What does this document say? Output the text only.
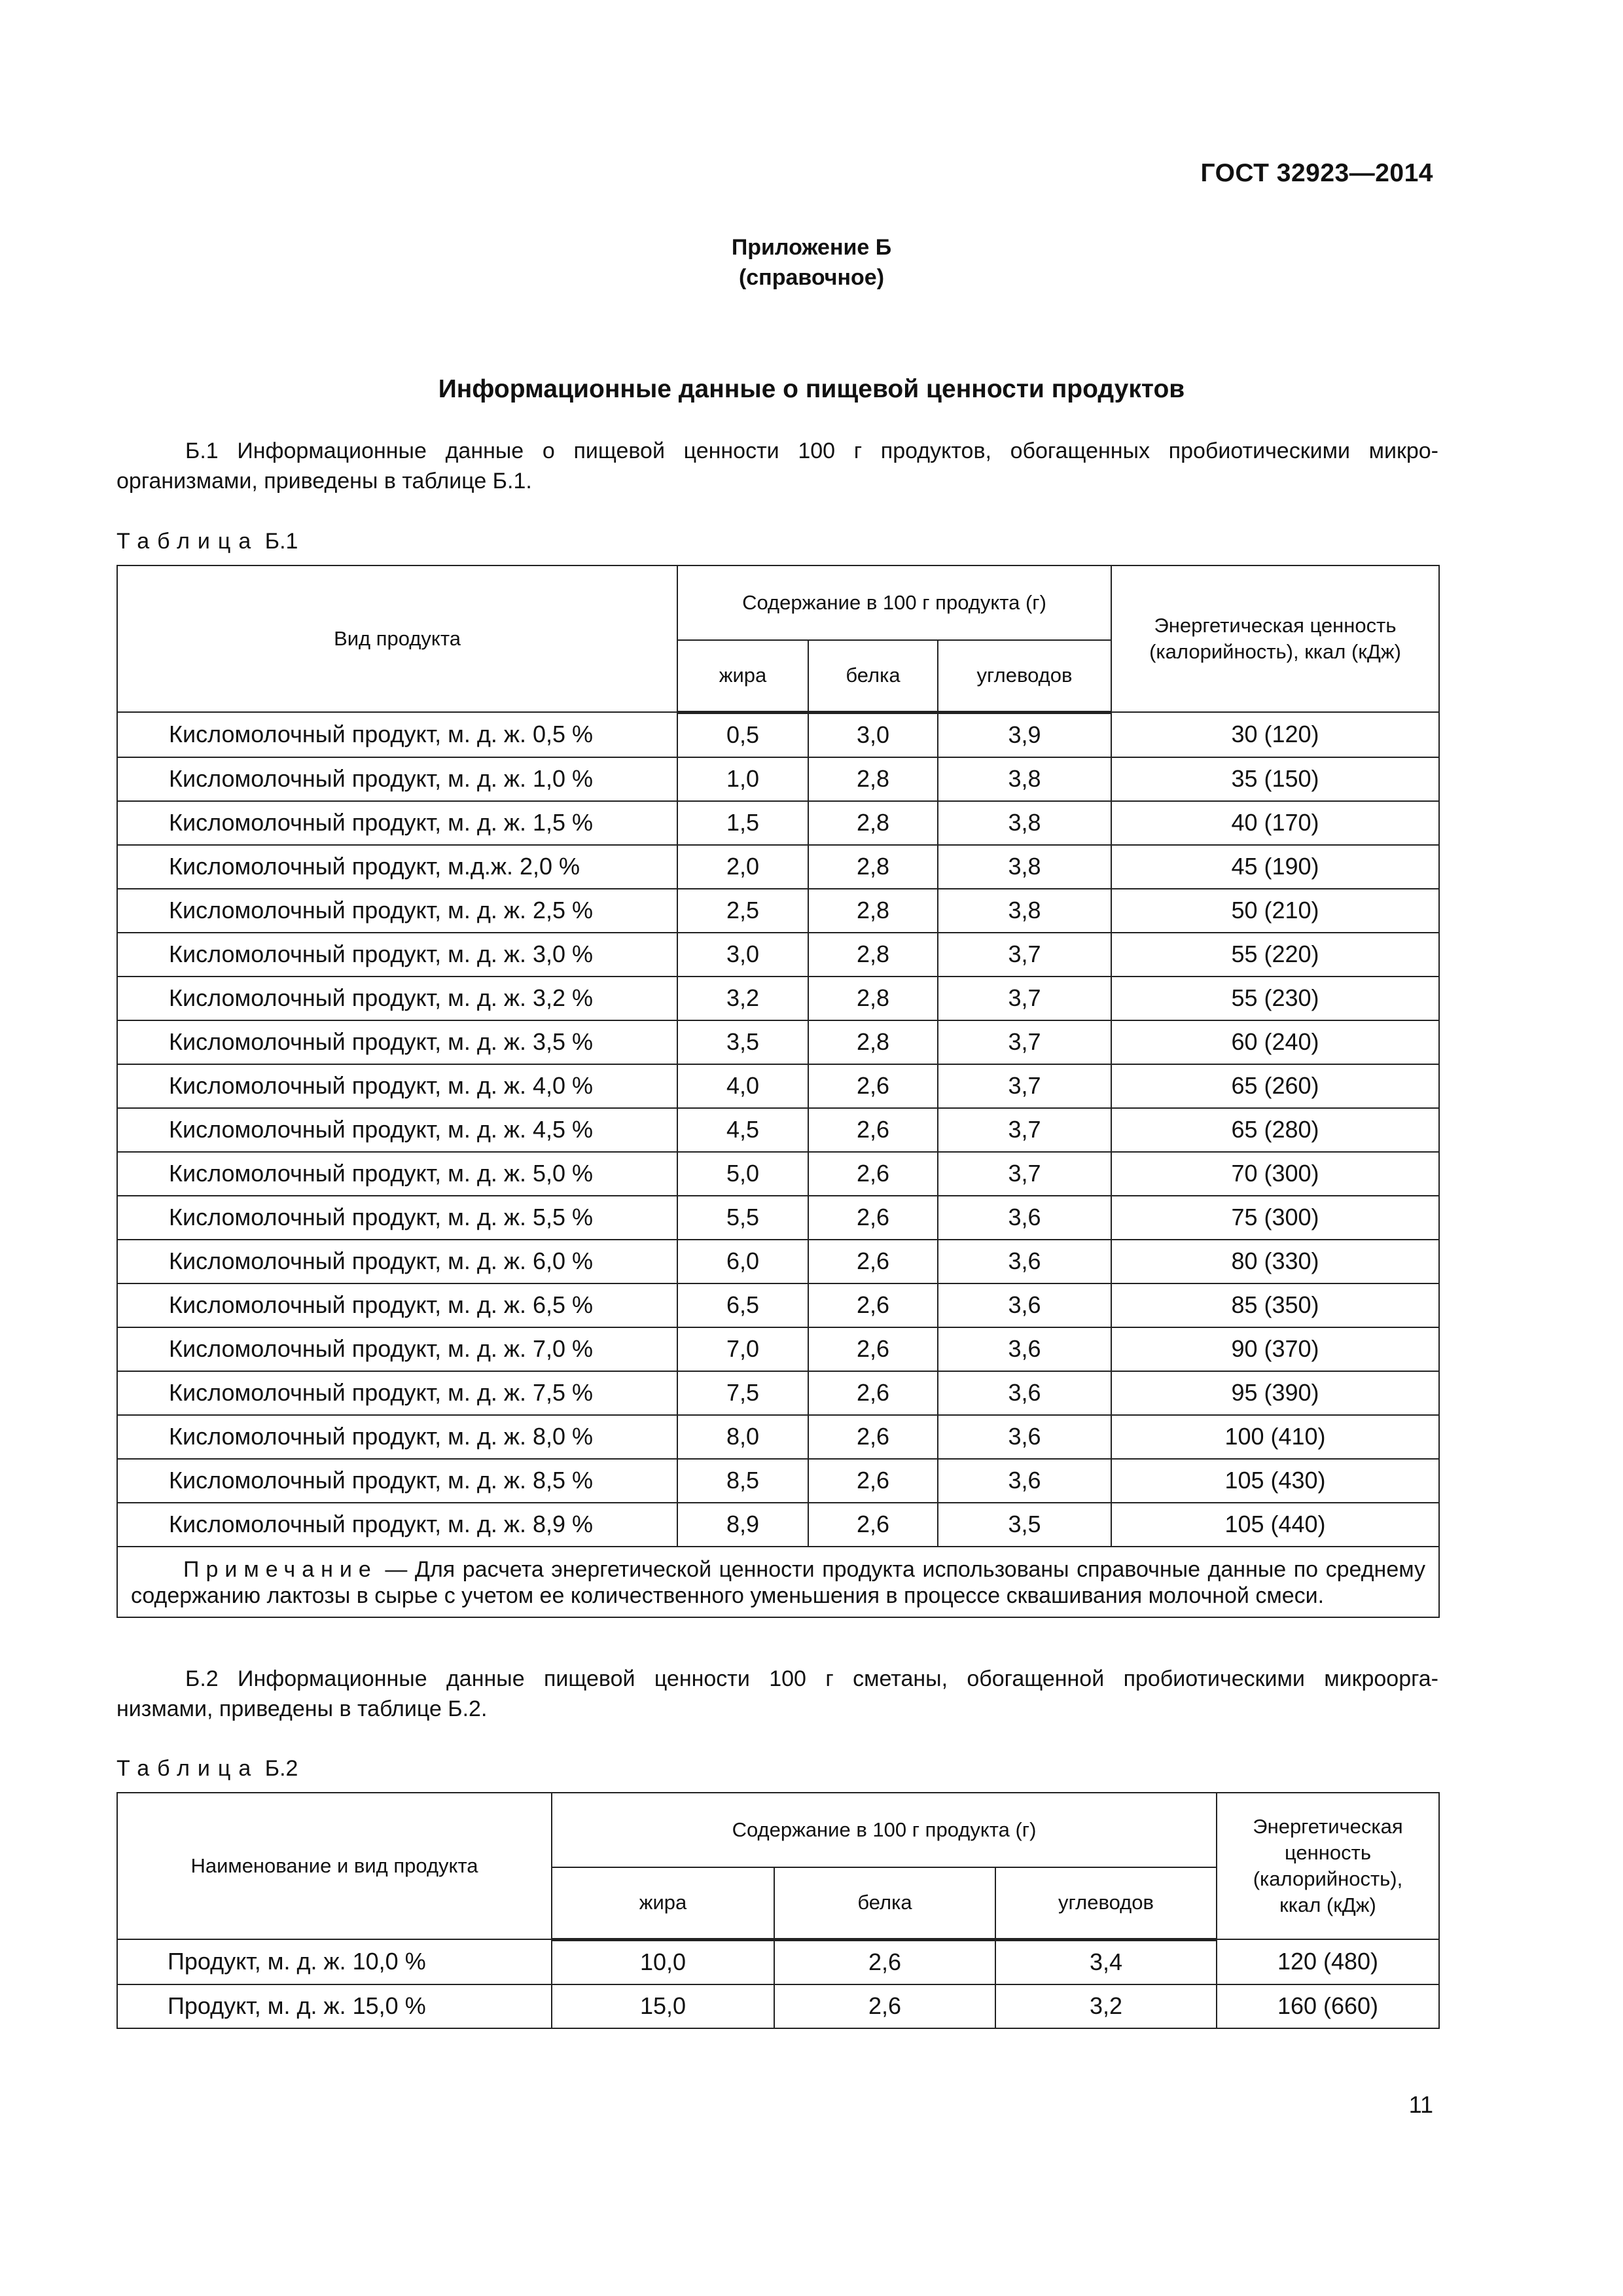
ГОСТ 32923—2014
Приложение Б
(справочное)
Информационные данные о пищевой ценности продуктов
Б.1 Информационные данные о пищевой ценности 100 г продуктов, обогащенных пробиотическими микро-
организмами, приведены в таблице Б.1.
Таблица Б.1
Вид продукта	Содержание в 100 г продукта (г)			Энергетическая ценность (калорийность), ккал (кДж)
	жира	белка	углеводов	
Кисломолочный продукт, м. д. ж. 0,5 %	0,5	3,0	3,9	30 (120)
Кисломолочный продукт, м. д. ж. 1,0 %	1,0	2,8	3,8	35 (150)
Кисломолочный продукт, м. д. ж. 1,5 %	1,5	2,8	3,8	40 (170)
Кисломолочный продукт, м.д.ж. 2,0 %	2,0	2,8	3,8	45 (190)
Кисломолочный продукт, м. д. ж. 2,5 %	2,5	2,8	3,8	50 (210)
Кисломолочный продукт, м. д. ж. 3,0 %	3,0	2,8	3,7	55 (220)
Кисломолочный продукт, м. д. ж. 3,2 %	3,2	2,8	3,7	55 (230)
Кисломолочный продукт, м. д. ж. 3,5 %	3,5	2,8	3,7	60 (240)
Кисломолочный продукт, м. д. ж. 4,0 %	4,0	2,6	3,7	65 (260)
Кисломолочный продукт, м. д. ж. 4,5 %	4,5	2,6	3,7	65 (280)
Кисломолочный продукт, м. д. ж. 5,0 %	5,0	2,6	3,7	70 (300)
Кисломолочный продукт, м. д. ж. 5,5 %	5,5	2,6	3,6	75 (300)
Кисломолочный продукт, м. д. ж. 6,0 %	6,0	2,6	3,6	80 (330)
Кисломолочный продукт, м. д. ж. 6,5 %	6,5	2,6	3,6	85 (350)
Кисломолочный продукт, м. д. ж. 7,0 %	7,0	2,6	3,6	90 (370)
Кисломолочный продукт, м. д. ж. 7,5 %	7,5	2,6	3,6	95 (390)
Кисломолочный продукт, м. д. ж. 8,0 %	8,0	2,6	3,6	100 (410)
Кисломолочный продукт, м. д. ж. 8,5 %	8,5	2,6	3,6	105 (430)
Кисломолочный продукт, м. д. ж. 8,9 %	8,9	2,6	3,5	105 (440)

Примечание — Для расчета энергетической ценности продукта использованы справочные данные по среднему содержанию лактозы в сырье с учетом ее количественного уменьшения в процессе сквашивания молочной смеси.				
Б.2 Информационные данные пищевой ценности 100 г сметаны, обогащенной пробиотическими микроорга-
низмами, приведены в таблице Б.2.
Таблица Б.2
Наименование и вид продукта	Содержание в 100 г продукта (г)			Энергетическая ценность (калорийность), ккал (кДж)
	жира	белка	углеводов	
Продукт, м. д. ж. 10,0 %	10,0	2,6	3,4	120 (480)
Продукт, м. д. ж. 15,0 %	15,0	2,6	3,2	160 (660)
11
